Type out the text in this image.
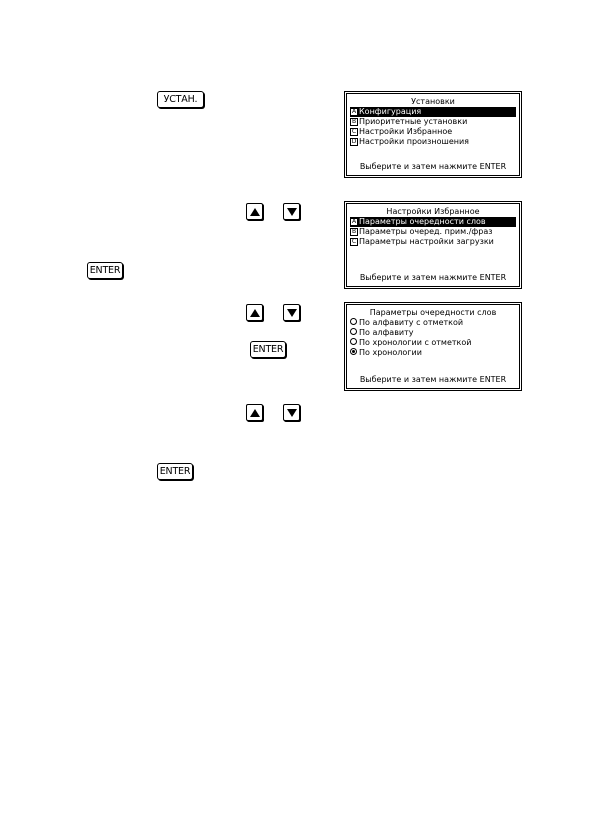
УСТАН.	Установки
A Конфигурация
B Приоритетные установки
C Настройки Избранное
D Настройки произношения
Выберите и затем нажмите ENTER
ENTER
Настройки Избранное
A Параметры очередности слов
B Параметры очеред. прим./фраз
C Параметры настройки загрузки
Выберите и затем нажмите ENTER
ENTER
Параметры очередности слов
По алфавиту с отметкой
По алфавиту
По хронологии с отметкой
По хронологии
Выберите и затем нажмите ENTER
ENTER
